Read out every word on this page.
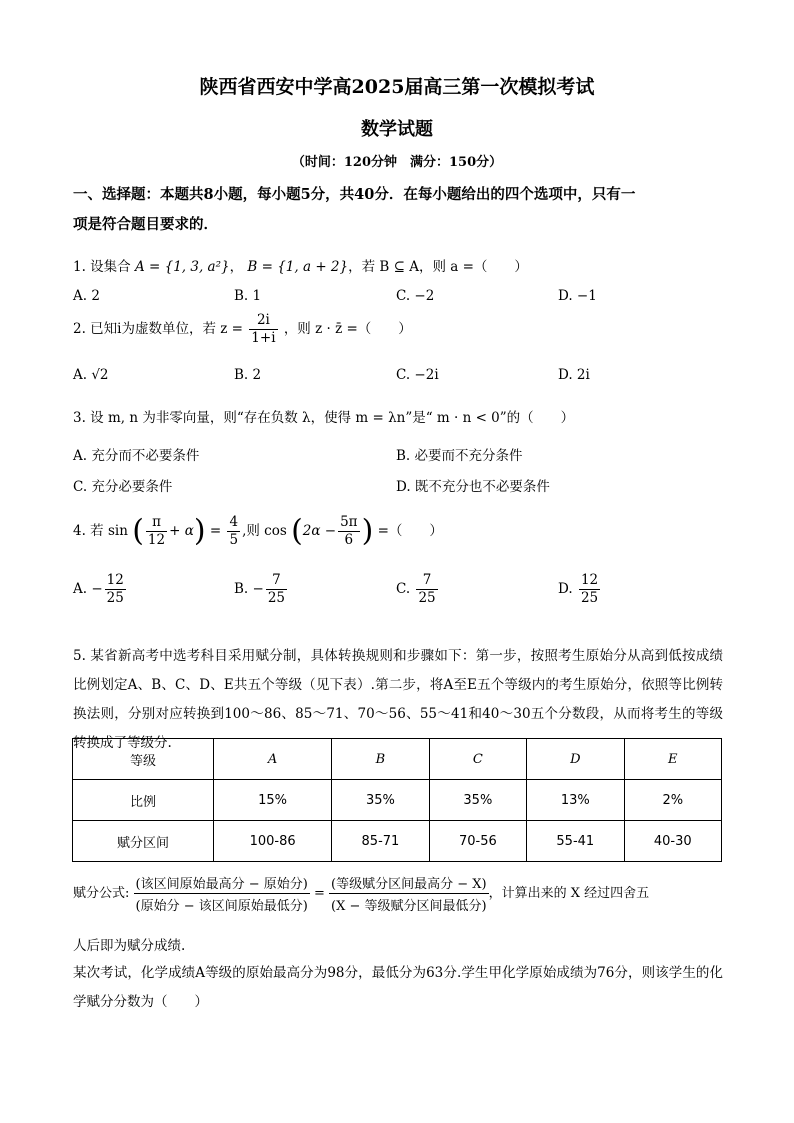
陕西省西安中学高2025届高三第一次模拟考试
数学试题
（时间：120分钟　满分：150分）
一、选择题：本题共8小题，每小题5分，共40分．在每小题给出的四个选项中，只有一
项是符合题目要求的．
1. 设集合 A = {1, 3, a²}， B = {1, a + 2}，若 B ⊆ A，则 a =（　　）
A. 2	B. 1	C. −2	D. −1
2. 已知i为虚数单位，若 $z = \frac{2i}{1+i}$ ，则 z · z̄ =（　　）
A. √2	B. 2	C. −2i	D. 2i
3. 设 m, n 为非零向量，则“存在负数 λ，使得 m = λn”是“ m · n < 0”的（　　）
A. 充分而不必要条件	B. 必要而不充分条件
C. 充分必要条件	D. 既不充分也不必要条件
4. 若 sin ( $\frac{\pi}{12} + \alpha) = \frac{4}{5}$ ,则 $\cos (2\alpha - \frac{5\pi}{6}$ ) =（　　）
A. − $\frac{12}{25}$	B. − $\frac{7}{25}$	C. $\frac{7}{25}$	D. $\frac{12}{25}$
5. 某省新高考中选考科目采用赋分制，具体转换规则和步骤如下：第一步，按照考生原始分从高到低按成绩比例划定A、B、C、D、E共五个等级（见下表）.第二步，将A至E五个等级内的考生原始分，依照等比例转换法则，分别对应转换到100～86、85～71、70～56、55～41和40～30五个分数段，从而将考生的等级转换成了等级分.
等级	A	B	C	D	E
比例	15%	35%	35%	13%	2%
赋分区间	100-86	85-71	70-56	55-41	40-30
赋分公式:
(该区间原始最高分 − 原始分)
(原始分 − 该区间原始最低分)
=
(等级赋分区间最高分 − X)
(X − 等级赋分区间最低分)
，计算出来的 X 经过四舍五
人后即为赋分成绩.
某次考试，化学成绩A等级的原始最高分为98分，最低分为63分.学生甲化学原始成绩为76分，则该学生的化学赋分分数为（　　）
